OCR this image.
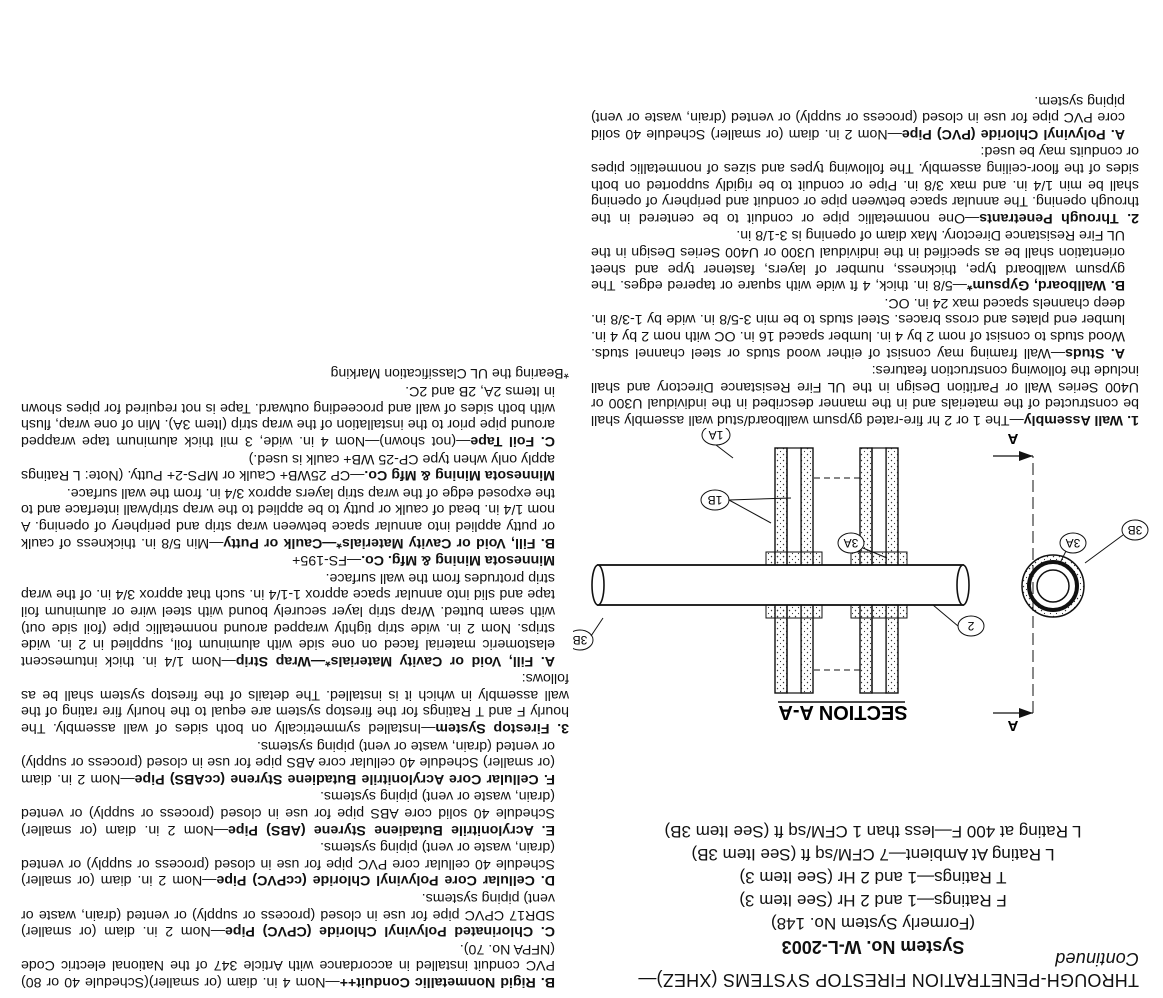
THROUGH-PENETRATION FIRESTOP SYSTEMS (XHEZ)—Continued
System No. W-L-2003
(Formerly System No. 148)
F Ratings—1 and 2 Hr (See Item 3)
T Ratings—1 and 2 Hr (See Item 3)
L Rating At Ambient—7 CFM/sq ft (See Item 3B)
L Rating at 400 F—less than 1 CFM/sq ft (See Item 3B)
SECTION A-A
A
A
1A
1B
2
3A
3A
3B
3B

1. Wall Assembly—The 1 or 2 hr fire-rated gypsum wallboard/stud wall assembly shall be constructed of the materials and in the manner described in the individual U300 or U400 Series Wall or Partition Design in the UL Fire Resistance Directory and shall include the following construction features:

A. Studs—Wall framing may consist of either wood studs or steel channel studs. Wood studs to consist of nom 2 by 4 in. lumber spaced 16 in. OC with nom 2 by 4 in. lumber end plates and cross braces. Steel studs to be min 3-5/8 in. wide by 1-3/8 in. deep channels spaced max 24 in. OC.

B. Wallboard, Gypsum*—5/8 in. thick, 4 ft wide with square or tapered edges. The gypsum wallboard type, thickness, number of layers, fastener type and sheet orientation shall be as specified in the individual U300 or U400 Series Design in the UL Fire Resistance Directory. Max diam of opening is 3-1/8 in.

2. Through Penetrants—One nonmetallic pipe or conduit to be centered in the through opening. The annular space between pipe or conduit and periphery of opening shall be min 1/4 in. and max 3/8 in. Pipe or conduit to be rigidly supported on both sides of the floor-ceiling assembly. The following types and sizes of nonmetallic pipes or conduits may be used:

A. Polyvinyl Chloride (PVC) Pipe—Nom 2 in. diam (or smaller) Schedule 40 solid core PVC pipe for use in closed (process or supply) or vented (drain, waste or vent) piping system.

B. Rigid Nonmetallic Conduit++—Nom 4 in. diam (or smaller)(Schedule 40 or 80) PVC conduit installed in accordance with Article 347 of the National electric Code (NFPA No. 70).

C. Chlorinated Polyvinyl Chloride (CPVC) Pipe—Nom 2 in. diam (or smaller) SDR17 CPVC pipe for use in closed (process or supply) or vented (drain, waste or vent) piping systems.

D. Cellular Core Polyvinyl Chloride (ccPVC) Pipe—Nom 2 in. diam (or smaller) Schedule 40 cellular core PVC pipe for use in closed (process or supply) or vented (drain, waste or vent) piping systems.

E. Acrylonitrile Butadiene Styrene (ABS) Pipe—Nom 2 in. diam (or smaller) Schedule 40 solid core ABS pipe for use in closed (process or supply) or vented (drain, waste or vent) piping systems.

F. Cellular Core Acrylonitrile Butadiene Styrene (ccABS) Pipe—Nom 2 in. diam (or smaller) Schedule 40 cellular core ABS pipe for use in closed (process or supply) or vented (drain, waste or vent) piping systems.

3. Firestop System—Installed symmetrically on both sides of wall assembly. The hourly F and T Ratings for the firestop system are equal to the hourly fire rating of the wall assembly in which it is installed. The details of the firestop system shall be as follows:

A. Fill, Void or Cavity Materials*—Wrap Strip—Nom 1/4 in. thick intumescent elastomeric material faced on one side with aluminum foil, supplied in 2 in. wide strips. Nom 2 in. wide strip tightly wrapped around nonmetallic pipe (foil side out) with seam butted. Wrap strip layer securely bound with steel wire or aluminum foil tape and slid into annular space approx 1-1/4 in. such that approx 3/4 in. of the wrap strip protrudes from the wall surface.

Minnesota Mining & Mfg. Co.—FS-195+

B. Fill, Void or Cavity Materials*—Caulk or Putty—Min 5/8 in. thickness of caulk or putty applied into annular space between wrap strip and periphery of opening. A nom 1/4 in. bead of caulk or putty to be applied to the wrap strip/wall interface and to the exposed edge of the wrap strip layers approx 3/4 in. from the wall surface.

Minnesota Mining & Mfg Co.—CP 25WB+ Caulk or MPS-2+ Putty. (Note: L Ratings apply only when type CP-25 WB+ caulk is used.)

C. Foil Tape—(not shown)—Nom 4 in. wide, 3 mil thick aluminum tape wrapped around pipe prior to the installation of the wrap strip (Item 3A). Min of one wrap, flush with both sides of wall and proceeding outward. Tape is not required for pipes shown in Items 2A, 2B and 2C.

*Bearing the UL Classification Marking
